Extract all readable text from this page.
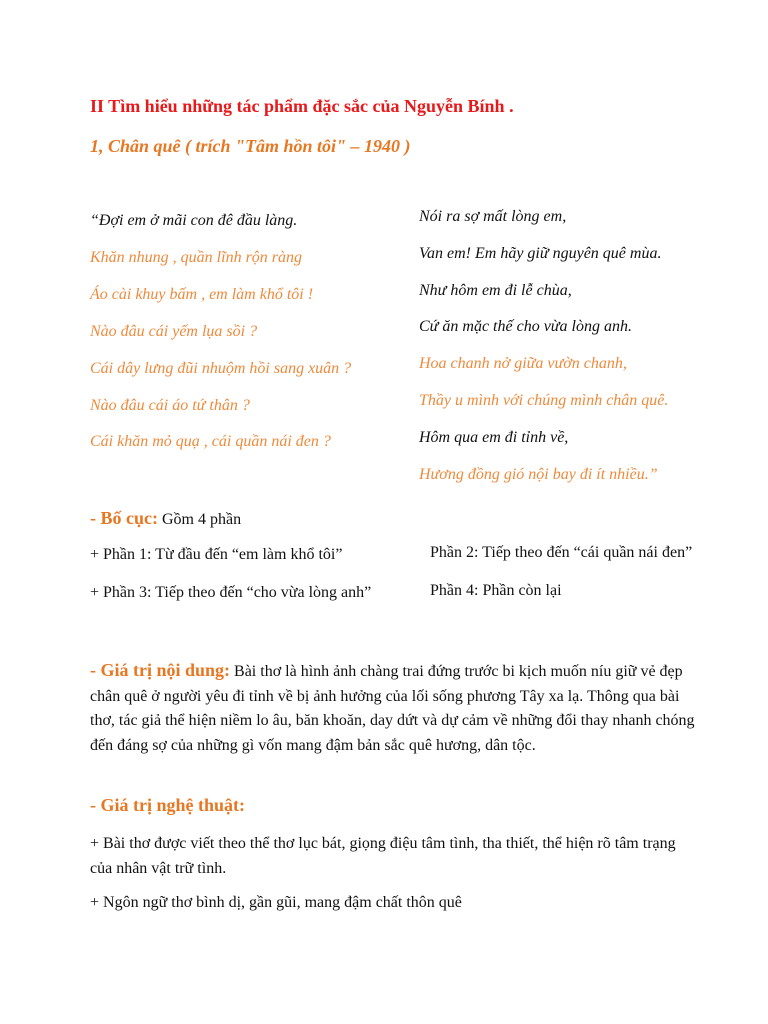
II Tìm hiểu những tác phẩm đặc sắc của Nguyễn Bính .
1, Chân quê ( trích "Tâm hồn tôi" – 1940 )
“Đợi em ở mãi con đê đầu làng.
Khăn nhung , quần lĩnh rộn ràng
Áo cài khuy bấm , em làm khổ tôi !
Nào đâu cái yếm lụa sồi ?
Cái dây lưng đũi nhuộm hồi sang xuân ?
Nào đâu cái áo tứ thân ?
Cái khăn mỏ quạ , cái quần nái đen ?
Nói ra sợ mất lòng em,
Van em! Em hãy giữ nguyên quê mùa.
Như hôm em đi lễ chùa,
Cứ ăn mặc thế cho vừa lòng anh.
Hoa chanh nở giữa vườn chanh,
Thầy u mình với chúng mình chân quê.
Hôm qua em đi tỉnh về,
Hương đồng gió nội bay đi ít nhiều.”
- Bố cục: Gồm 4 phần
+ Phần 1: Từ đầu đến “em làm khổ tôi”	Phần 2: Tiếp theo đến “cái quần nái đen”
+ Phần 3: Tiếp theo đến “cho vừa lòng anh”	Phần 4: Phần còn lại
- Giá trị nội dung: Bài thơ là hình ảnh chàng trai đứng trước bi kịch muốn níu giữ vẻ đẹp chân quê ở người yêu đi tỉnh về bị ảnh hưởng của lối sống phương Tây xa lạ. Thông qua bài thơ, tác giả thể hiện niềm lo âu, băn khoăn, day dứt và dự cảm về những đổi thay nhanh chóng đến đáng sợ của những gì vốn mang đậm bản sắc quê hương, dân tộc.
- Giá trị nghệ thuật:
+ Bài thơ được viết theo thể thơ lục bát, giọng điệu tâm tình, tha thiết, thể hiện rõ tâm trạng của nhân vật trữ tình.
+ Ngôn ngữ thơ bình dị, gần gũi, mang đậm chất thôn quê
